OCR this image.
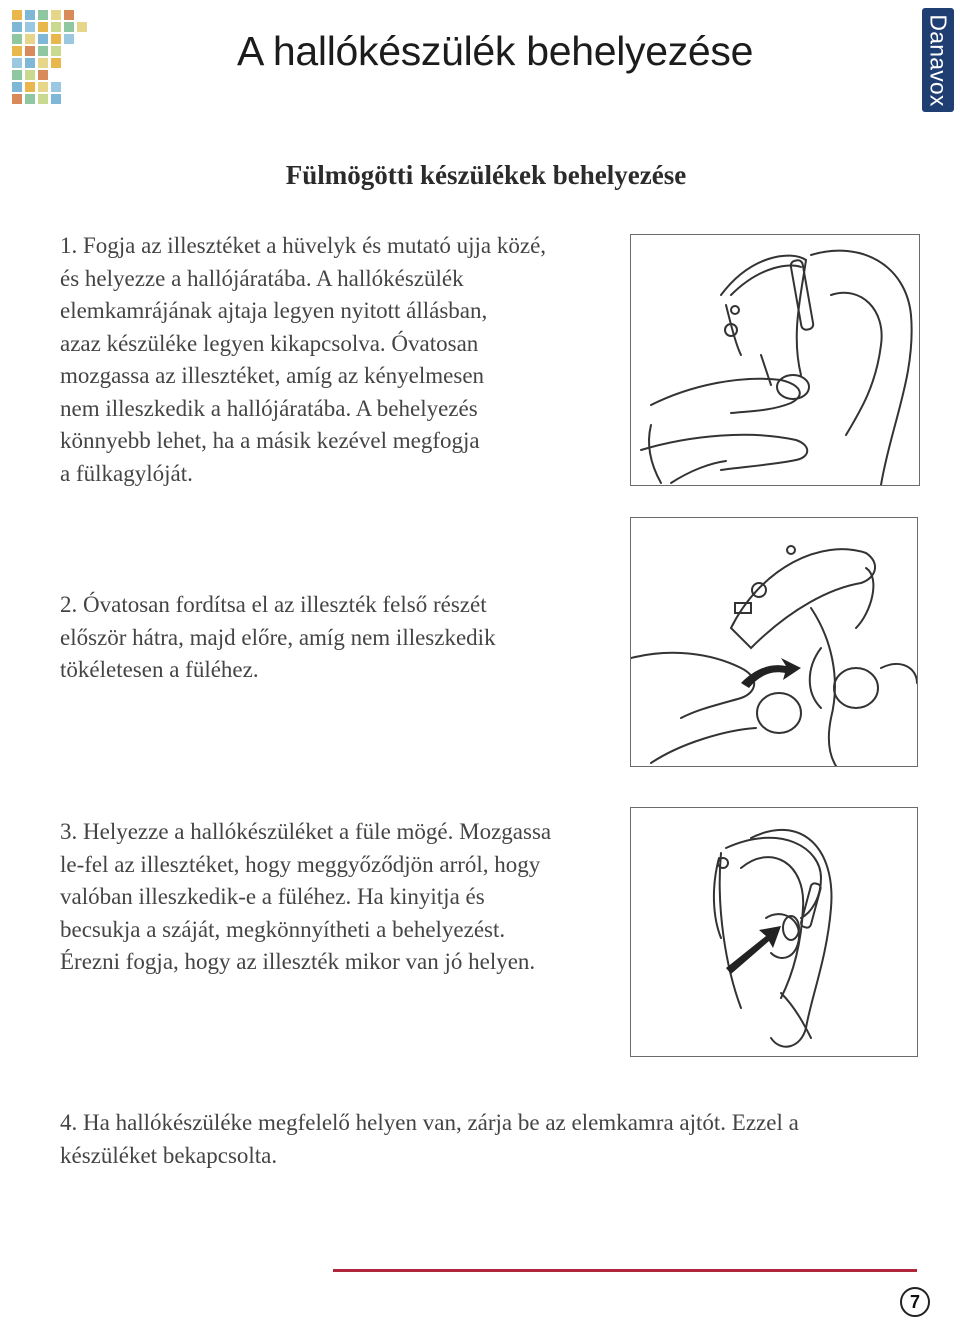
A hallókészülék behelyezése	Danavox
Fülmögötti készülékek behelyezése

1. Fogja az illesztéket a hüvelyk és mutató ujja közé,
és helyezze a hallójáratába. A hallókészülék
elemkamrájának ajtaja legyen nyitott állásban,
azaz készüléke legyen kikapcsolva. Óvatosan
mozgassa az illesztéket, amíg az kényelmesen
nem illeszkedik a hallójáratába. A behelyezés
könnyebb lehet, ha a másik kezével megfogja
a fülkagylóját.

2. Óvatosan fordítsa el az illeszték felső részét
először hátra, majd előre, amíg nem illeszkedik
tökéletesen a füléhez.

3. Helyezze a hallókészüléket a füle mögé. Mozgassa
le-fel az illesztéket, hogy meggyőződjön arról, hogy
valóban illeszkedik-e a füléhez. Ha kinyitja és
becsukja a száját, megkönnyítheti a behelyezést.
Érezni fogja, hogy az illeszték mikor van jó helyen.

4. Ha hallókészüléke megfelelő helyen van, zárja be az elemkamra ajtót. Ezzel a
készüléket bekapcsolta.

7
